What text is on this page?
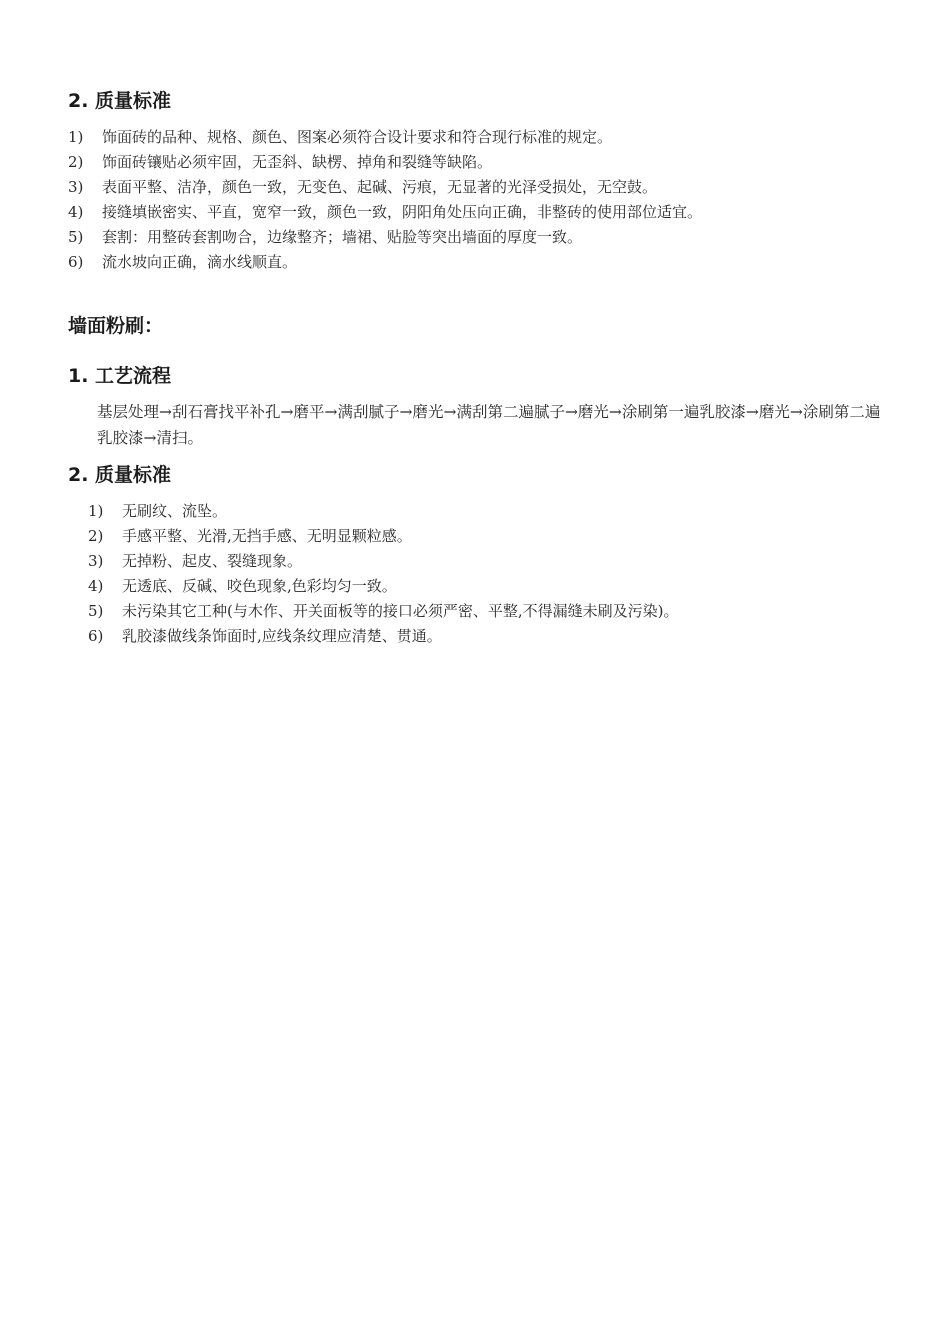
2. 质量标准
1)	饰面砖的品种、规格、颜色、图案必须符合设计要求和符合现行标准的规定。
2)	饰面砖镶贴必须牢固，无歪斜、缺楞、掉角和裂缝等缺陷。
3)	表面平整、洁净，颜色一致，无变色、起碱、污痕，无显著的光泽受损处，无空鼓。
4)	接缝填嵌密实、平直，宽窄一致，颜色一致，阴阳角处压向正确，非整砖的使用部位适宜。
5)	套割：用整砖套割吻合，边缘整齐；墙裙、贴脸等突出墙面的厚度一致。
6)	流水坡向正确，滴水线顺直。
墙面粉刷：
1. 工艺流程

基层处理→刮石膏找平补孔→磨平→满刮腻子→磨光→满刮第二遍腻子→磨光→涂刷第一遍乳胶漆→磨光→涂刷第二遍乳胶漆→清扫。

2. 质量标准
1)	无刷纹、流坠。
2)	手感平整、光滑,无挡手感、无明显颗粒感。
3)	无掉粉、起皮、裂缝现象。
4)	无透底、反碱、咬色现象,色彩均匀一致。
5)	未污染其它工种(与木作、开关面板等的接口必须严密、平整,不得漏缝未刷及污染)。
6)	乳胶漆做线条饰面时,应线条纹理应清楚、贯通。
